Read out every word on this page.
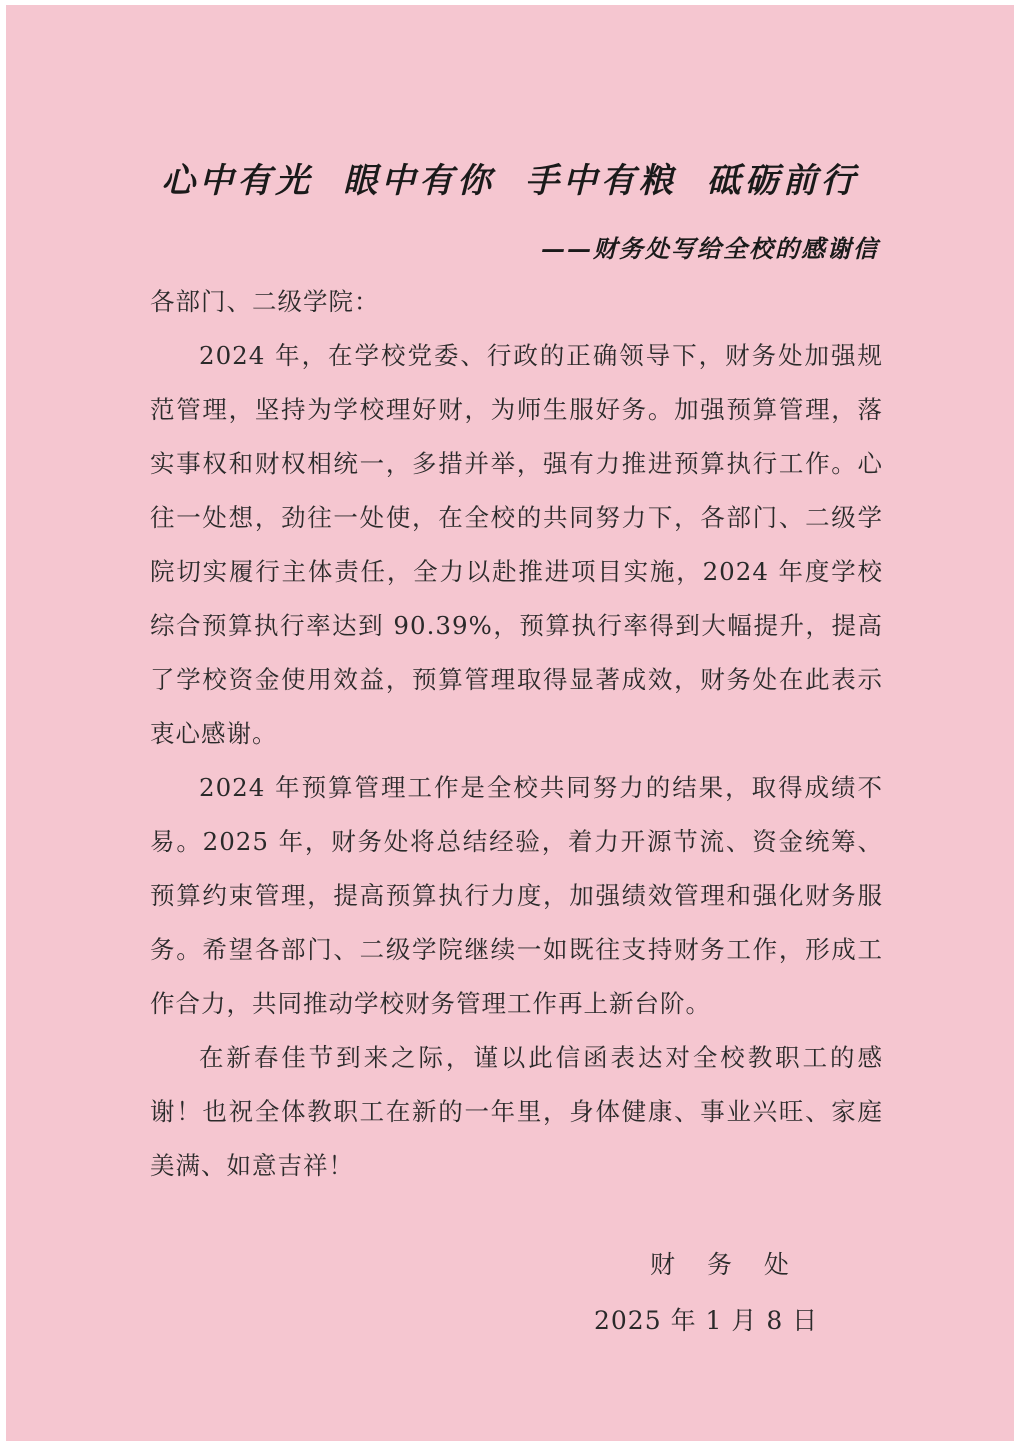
心中有光 眼中有你 手中有粮 砥砺前行
——财务处写给全校的感谢信

各部门、二级学院：

2024 年，在学校党委、行政的正确领导下，财务处加强规范管理，坚持为学校理好财，为师生服好务。加强预算管理，落实事权和财权相统一，多措并举，强有力推进预算执行工作。心往一处想，劲往一处使，在全校的共同努力下，各部门、二级学院切实履行主体责任，全力以赴推进项目实施，2024 年度学校综合预算执行率达到 90.39%，预算执行率得到大幅提升，提高了学校资金使用效益，预算管理取得显著成效，财务处在此表示衷心感谢。

2024 年预算管理工作是全校共同努力的结果，取得成绩不易。2025 年，财务处将总结经验，着力开源节流、资金统筹、预算约束管理，提高预算执行力度，加强绩效管理和强化财务服务。希望各部门、二级学院继续一如既往支持财务工作，形成工作合力，共同推动学校财务管理工作再上新台阶。

在新春佳节到来之际，谨以此信函表达对全校教职工的感谢！也祝全体教职工在新的一年里，身体健康、事业兴旺、家庭美满、如意吉祥！

财 务 处
2025 年 1 月 8 日
